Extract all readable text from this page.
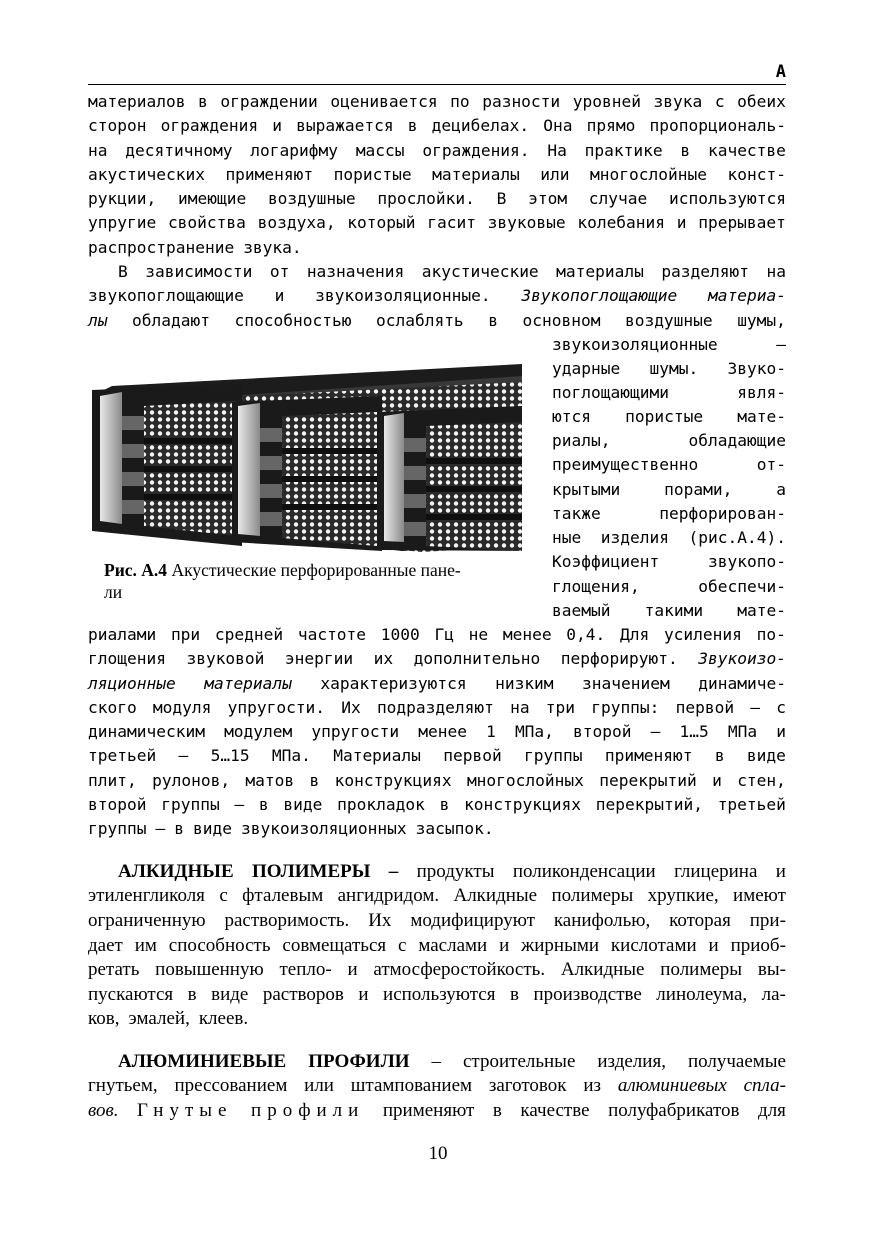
А
материалов в ограждении оценивается по разности уровней звука с обеих
сторон ограждения и выражается в децибелах. Она прямо пропорциональ-
на десятичному логарифму массы ограждения. На практике в качестве
акустических применяют пористые материалы или многослойные конст-
рукции, имеющие воздушные прослойки. В этом случае используются
упругие свойства воздуха, который гасит звуковые колебания и прерывает
распространение звука.
В зависимости от назначения акустические материалы разделяют на
звукопоглощающие и звукоизоляционные. Звукопоглощающие материа-
лы обладают способностью ослаблять в основном воздушные шумы,
звукоизоляционные	–
ударные шумы. Звуко-
поглощающими	явля-
ются пористые мате-
риалы,	обладающие
преимущественно	от-
крытыми	порами,	а
также	перфорирован-
ные изделия (рис.А.4).
Коэффициент	звукопо-
глощения,	обеспечи-
ваемый такими мате-
риалами при средней частоте 1000 Гц не менее 0,4. Для усиления по-
глощения звуковой энергии их дополнительно перфорируют. Звукоизо-
ляционные материалы характеризуются низким значением динамиче-
ского модуля упругости. Их подразделяют на три группы: первой – с
динамическим модулем упругости менее 1 МПа, второй – 1…5 МПа и
третьей – 5…15 МПа. Материалы первой группы применяют в виде
плит, рулонов, матов в конструкциях многослойных перекрытий и стен,
второй группы – в виде прокладок в конструкциях перекрытий, третьей
группы – в виде звукоизоляционных засыпок.
АЛКИДНЫЕ ПОЛИМЕРЫ – продукты поликонденсации глицерина и
этиленгликоля с фталевым ангидридом. Алкидные полимеры хрупкие, имеют
ограниченную растворимость. Их модифицируют канифолью, которая при-
дает им способность совмещаться с маслами и жирными кислотами и приоб-
ретать повышенную тепло- и атмосферостойкость. Алкидные полимеры вы-
пускаются в виде растворов и используются в производстве линолеума, ла-
ков, эмалей, клеев.
АЛЮМИНИЕВЫЕ ПРОФИЛИ – строительные изделия, получаемые
гнутьем, прессованием или штампованием заготовок из алюминиевых спла-
вов. Гнутые профили применяют в качестве полуфабрикатов для
Рис. А.4 Акустические перфорированные пане-
ли
10
